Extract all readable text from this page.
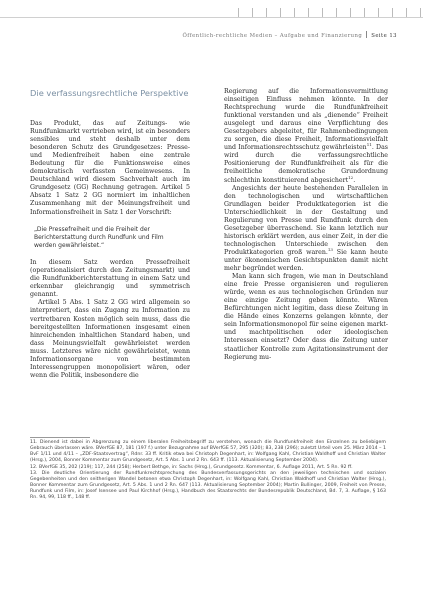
Öffentlich-rechtliche Medien – Aufgabe und Finanzierung Seite 13
Die verfassungsrechtliche Perspektive

Das Produkt, das auf Zeitungs- wie Rundfunkmarkt vertrieben wird, ist ein besonders sensibles und steht deshalb unter dem besonderen Schutz des Grundgesetzes: Presse- und Medienfreiheit haben eine zentrale Bedeutung für die Funktionsweise eines demokratisch verfassten Gemeinwesens. In Deutschland wird diesem Sachverhalt auch im Grundgesetz (GG) Rechnung getragen. Artikel 5 Absatz 1 Satz 2 GG normiert im inhaltlichen Zusammenhang mit der Meinungsfreiheit und Informationsfreiheit in Satz 1 der Vorschrift:

„Die Pressefreiheit und die Freiheit der Berichterstattung durch Rundfunk und Film werden gewährleistet.“

In diesem Satz werden Pressefreiheit (operationalisiert durch den Zeitungsmarkt) und die Rundfunkberichterstattung in einem Satz und erkennbar gleichrangig und symmetrisch genannt.

Artikel 5 Abs. 1 Satz 2 GG wird allgemein so interpretiert, dass ein Zugang zu Information zu vertretbaren Kosten möglich sein muss, dass die bereitgestellten Informationen insgesamt einen hinreichenden inhaltlichen Standard haben, und dass Meinungsvielfalt gewährleistet werden muss. Letzteres wäre nicht gewährleistet, wenn Informationsorgane von bestimmten Interessengruppen monopolisiert wären, oder wenn die Politik, insbesondere die

Regierung auf die Informationsvermittlung einseitigen Einfluss nehmen könnte. In der Rechtsprechung wurde die Rundfunkfreiheit funktional verstanden und als „dienende“ Freiheit ausgelegt und daraus eine Verpflichtung des Gesetzgebers abgeleitet, für Rahmenbedingungen zu sorgen, die diese Freiheit, Informationsvielfalt und Informationsrechtsschutz gewährleisten$^{11}$. Das wird durch die verfassungsrechtliche Positionierung der Rundfunkfreiheit als für die freiheitliche demokratische Grundordnung schlechthin konstituierend abgesichert$^{12}$.

Angesichts der heute bestehenden Parallelen in den technologischen und wirtschaftlichen Grundlagen beider Produktkategorien ist die Unterschiedlichkeit in der Gestaltung und Regulierung von Presse und Rundfunk durch den Gesetzgeber überraschend. Sie kann letztlich nur historisch erklärt werden, aus einer Zeit, in der die technologischen Unterschiede zwischen den Produktkategorien groß waren.$^{13}$ Sie kann heute unter ökonomischen Gesichtspunkten damit nicht mehr begründet werden.

Man kann sich fragen, wie man in Deutschland eine freie Presse organisieren und regulieren würde, wenn es aus technologischen Gründen nur eine einzige Zeitung geben könnte. Wären Befürchtungen nicht legitim, dass diese Zeitung in die Hände eines Konzerns gelangen könnte, der sein Informationsmonopol für seine eigenen markt- und machtpolitischen oder ideologischen Interessen einsetzt? Oder dass die Zeitung unter staatlicher Kontrolle zum Agitationsinstrument der Regierung mu-

11. Dienend ist dabei in Abgrenzung zu einem liberalen Freiheitsbegriff zu verstehen, wonach die Rundfunkfreiheit den Einzelnen zu beliebigem Gebrauch überlassen wäre. BVerfGE 87, 181 (197 f.) unter Bezugnahme auf BVerfGE 57, 295 (320); 83, 238 (296); zuletzt Urteil vom 25. März 2014 – 1 BvF 1/11 und 4/11 – „ZDF-Staatsvertrag“, Rdnr. 33 ff. Kritik etwa bei Christoph Degenhart, in: Wolfgang Kahl, Christian Waldhoff und Christian Walter (Hrsg.), 2004, Bonner Kommentar zum Grundgesetz, Art. 5 Abs. 1 und 2 Rn. 643 ff. (113. Aktualisierung September 2004).

12. BVerfGE 35, 202 (219); 117, 244 (258); Herbert Bethge, in: Sachs (Hrsg.), Grundgesetz. Kommentar, 6. Auflage 2011, Art. 5 Rn. 92 ff.

13. Die deutliche Orientierung der Rundfunkrechtsprechung des Bundesverfassungsgerichts an den jeweiligen technischen und sozialen Gegebenheiten und den seitherigen Wandel betonen etwa Christoph Degenhart, in: Wolfgang Kahl, Christian Waldhoff und Christian Walter (Hrsg.), Bonner Kommentar zum Grundgesetz, Art. 5 Abs. 1 und 2 Rn. 647 (113. Aktualisierung September 2004); Martin Bullinger, 2009, Freiheit von Presse, Rundfunk und Film, in: Josef Isensee und Paul Kirchhof (Hrsg.), Handbuch des Staatsrechts der Bundesrepublik Deutschland, Bd. 7, 3. Auflage, § 163 Rn. 94, 99, 118 ff., 148 ff.
